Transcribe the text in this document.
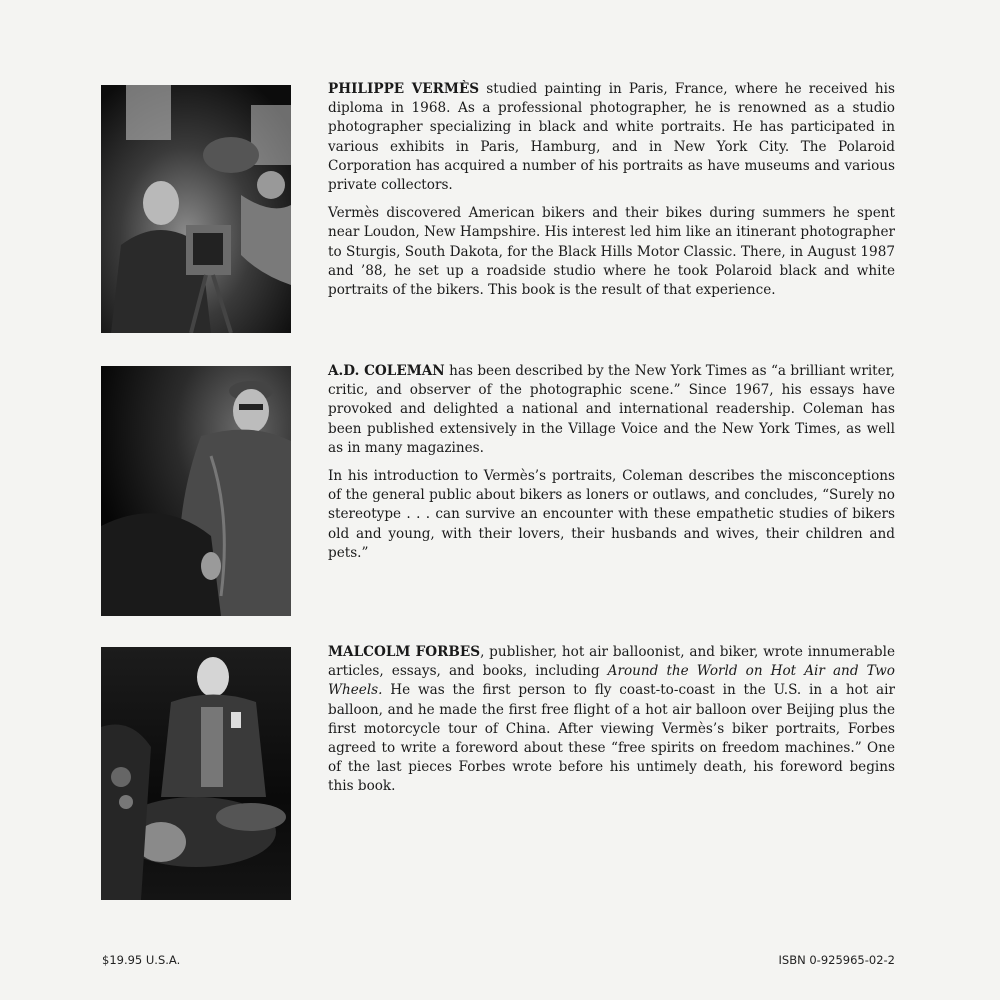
PHILIPPE VERMÈS studied painting in Paris, France, where he received his diploma in 1968. As a professional photographer, he is renowned as a studio photographer specializing in black and white portraits. He has participated in various exhibits in Paris, Hamburg, and in New York City. The Polaroid Corporation has acquired a number of his portraits as have museums and various private collectors.

Vermès discovered American bikers and their bikes during summers he spent near Loudon, New Hampshire. His interest led him like an itinerant photographer to Sturgis, South Dakota, for the Black Hills Motor Classic. There, in August 1987 and ’88, he set up a roadside studio where he took Polaroid black and white portraits of the bikers. This book is the result of that experience.

A.D. COLEMAN has been described by the New York Times as “a brilliant writer, critic, and observer of the photographic scene.” Since 1967, his essays have provoked and delighted a national and international readership. Coleman has been published extensively in the Village Voice and the New York Times, as well as in many magazines.

In his introduction to Vermès’s portraits, Coleman describes the misconceptions of the general public about bikers as loners or outlaws, and concludes, “Surely no stereotype . . . can survive an encounter with these empathetic studies of bikers old and young, with their lovers, their husbands and wives, their children and pets.”

MALCOLM FORBES, publisher, hot air balloonist, and biker, wrote innumerable articles, essays, and books, including Around the World on Hot Air and Two Wheels. He was the first person to fly coast-to-coast in the U.S. in a hot air balloon, and he made the first free flight of a hot air balloon over Beijing plus the first motorcycle tour of China. After viewing Vermès’s biker portraits, Forbes agreed to write a foreword about these “free spirits on freedom machines.” One of the last pieces Forbes wrote before his untimely death, his foreword begins this book.

$19.95 U.S.A.	ISBN 0-925965-02-2
